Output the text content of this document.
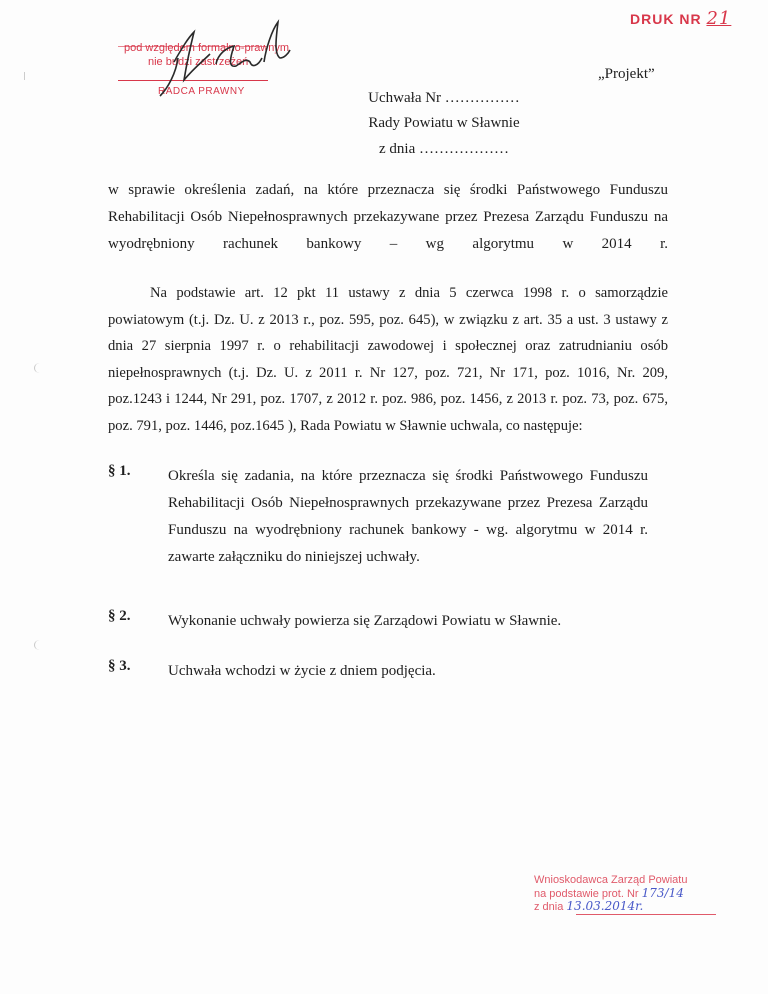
pod względem formalno-prawnym
nie budzi zastrzeżeń
RADCA PRAWNY
DRUK NR 21
„Projekt”
Uchwała Nr ……………
Rady Powiatu w Sławnie
z dnia ………………

w sprawie określenia zadań, na które przeznacza się środki Państwowego Funduszu Rehabilitacji Osób Niepełnosprawnych przekazywane przez Prezesa Zarządu Funduszu na wyodrębniony rachunek bankowy – wg algorytmu w 2014 r.

Na podstawie art. 12 pkt 11 ustawy z dnia 5 czerwca 1998 r. o samorządzie powiatowym (t.j. Dz. U. z 2013 r., poz. 595, poz. 645), w związku z art. 35 a ust. 3 ustawy z dnia 27 sierpnia 1997 r. o rehabilitacji zawodowej i społecznej oraz zatrudnianiu osób niepełnosprawnych (t.j. Dz. U. z 2011 r. Nr 127, poz. 721, Nr 171, poz. 1016, Nr. 209, poz.1243 i 1244, Nr 291, poz. 1707, z 2012 r. poz. 986, poz. 1456, z 2013 r. poz. 73, poz. 675, poz. 791, poz. 1446, poz.1645 ), Rada Powiatu w Sławnie uchwala, co następuje:

§ 1.	Określa się zadania, na które przeznacza się środki Państwowego Funduszu Rehabilitacji Osób Niepełnosprawnych przekazywane przez Prezesa Zarządu Funduszu na wyodrębniony rachunek bankowy - wg. algorytmu w 2014 r. zawarte załączniku do niniejszej uchwały.

§ 2.	Wykonanie uchwały powierza się Zarządowi Powiatu w Sławnie.

§ 3.	Uchwała wchodzi w życie z dniem podjęcia.

Wnioskodawca Zarząd Powiatu
na podstawie prot. Nr 173/14
z dnia 13.03.2014r.
